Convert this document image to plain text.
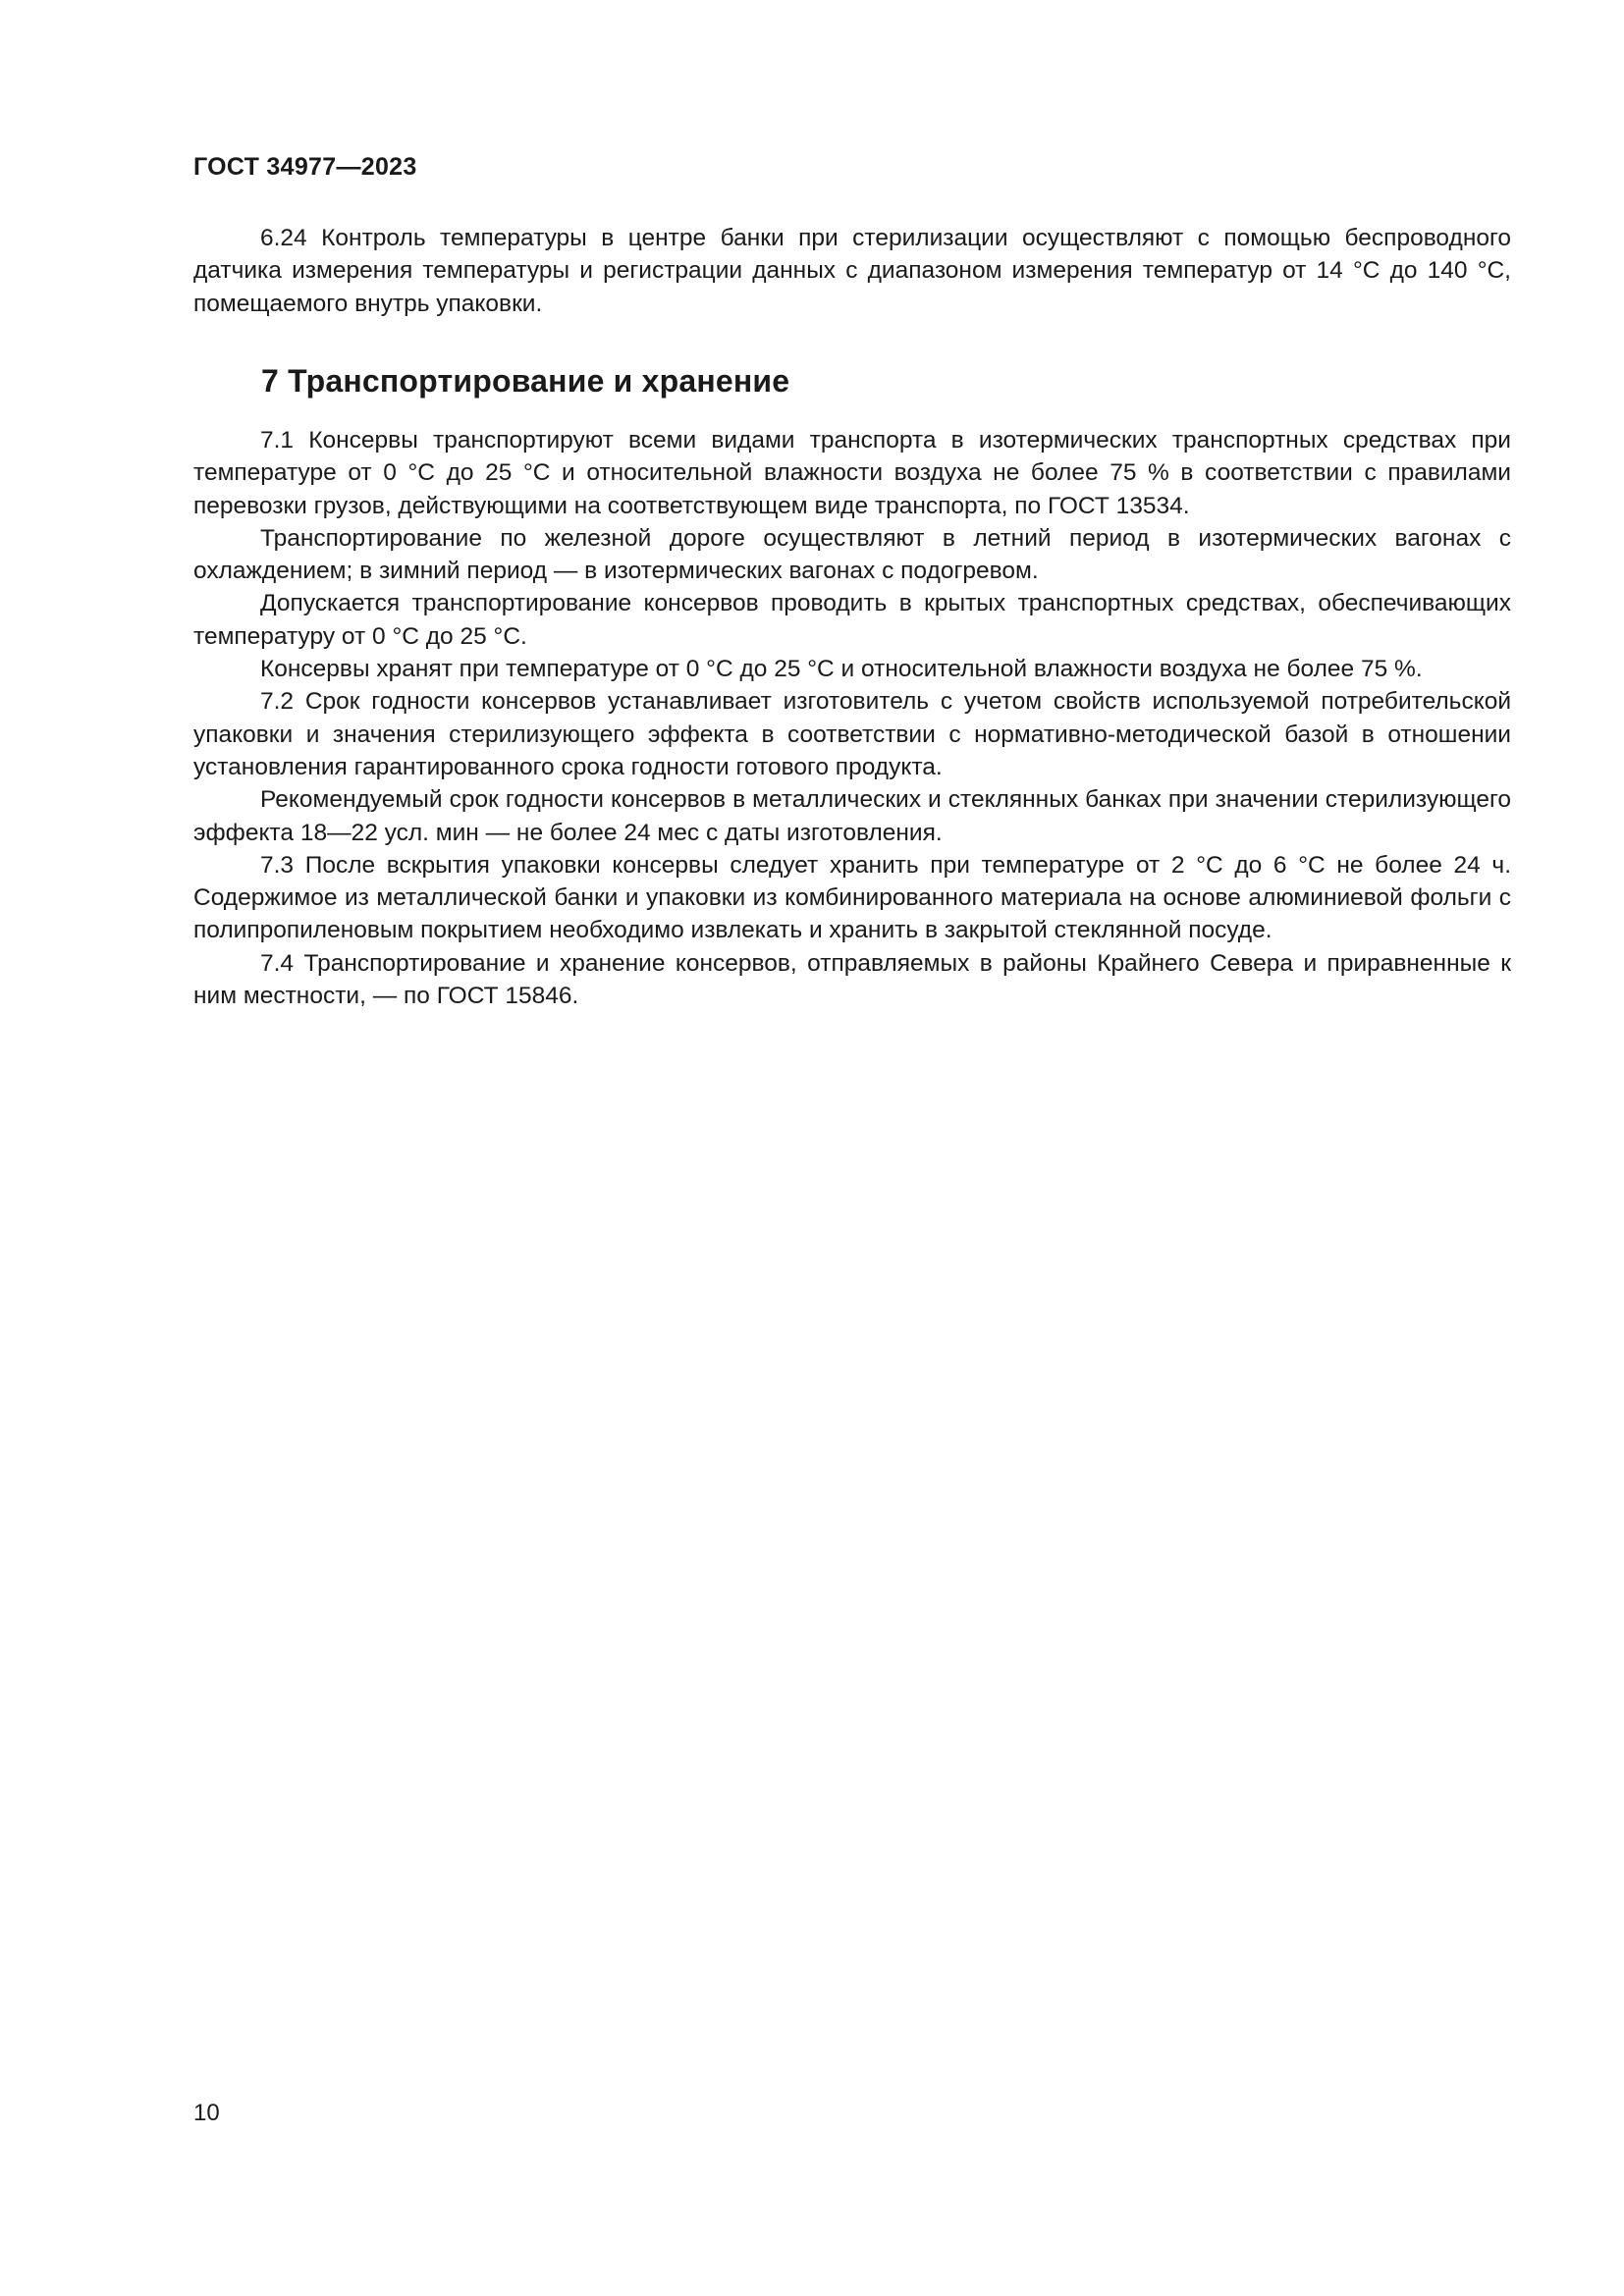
ГОСТ 34977—2023

6.24 Контроль температуры в центре банки при стерилизации осуществляют с помощью беспроводного датчика измерения температуры и регистрации данных с диапазоном измерения температур от 14 °С до 140 °С, помещаемого внутрь упаковки.

7 Транспортирование и хранение

7.1 Консервы транспортируют всеми видами транспорта в изотермических транспортных средствах при температуре от 0 °С до 25 °С и относительной влажности воздуха не более 75 % в соответствии с правилами перевозки грузов, действующими на соответствующем виде транспорта, по ГОСТ 13534.

Транспортирование по железной дороге осуществляют в летний период в изотермических вагонах с охлаждением; в зимний период — в изотермических вагонах с подогревом.

Допускается транспортирование консервов проводить в крытых транспортных средствах, обеспечивающих температуру от 0 °С до 25 °С.

Консервы хранят при температуре от 0 °С до 25 °С и относительной влажности воздуха не более 75 %.

7.2 Срок годности консервов устанавливает изготовитель с учетом свойств используемой потребительской упаковки и значения стерилизующего эффекта в соответствии с нормативно-методической базой в отношении установления гарантированного срока годности готового продукта.

Рекомендуемый срок годности консервов в металлических и стеклянных банках при значении стерилизующего эффекта 18—22 усл. мин — не более 24 мес с даты изготовления.

7.3 После вскрытия упаковки консервы следует хранить при температуре от 2 °С до 6 °С не более 24 ч. Содержимое из металлической банки и упаковки из комбинированного материала на основе алюминиевой фольги с полипропиленовым покрытием необходимо извлекать и хранить в закрытой стеклянной посуде.

7.4 Транспортирование и хранение консервов, отправляемых в районы Крайнего Севера и приравненные к ним местности, — по ГОСТ 15846.

10
